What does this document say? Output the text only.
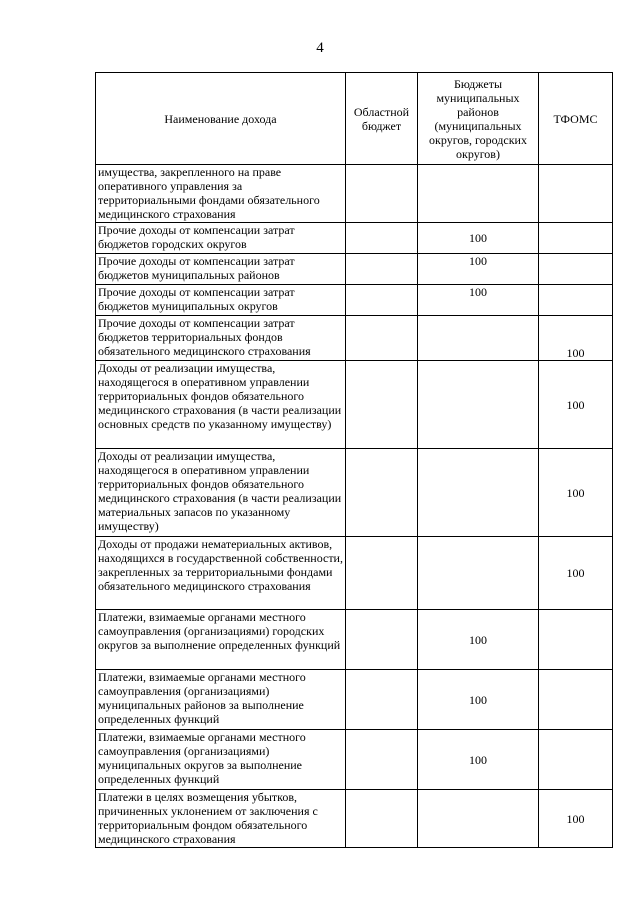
4
Наименование дохода	Областной бюджет	Бюджеты муниципальных районов (муниципальных округов, городских округов)	ТФОМС
имущества, закрепленного на праве оперативного управления за территориальными фондами обязательного медицинского страхования			
Прочие доходы от компенсации затрат бюджетов городских округов		100	
Прочие доходы от компенсации затрат бюджетов муниципальных районов		100	
Прочие доходы от компенсации затрат бюджетов муниципальных округов		100	
Прочие доходы от компенсации затрат бюджетов территориальных фондов обязательного медицинского страхования			100
Доходы от реализации имущества, находящегося в оперативном управлении территориальных фондов обязательного медицинского страхования (в части реализации основных средств по указанному имуществу)			100
Доходы от реализации имущества, находящегося в оперативном управлении территориальных фондов обязательного медицинского страхования (в части реализации материальных запасов по указанному имуществу)			100
Доходы от продажи нематериальных активов, находящихся в государственной собственности, закрепленных за территориальными фондами обязательного медицинского страхования			100
Платежи, взимаемые органами местного самоуправления (организациями) городских округов за выполнение определенных функций		100	
Платежи, взимаемые органами местного самоуправления (организациями) муниципальных районов за выполнение определенных функций		100	
Платежи, взимаемые органами местного самоуправления (организациями) муниципальных округов за выполнение определенных функций		100	
Платежи в целях возмещения убытков, причиненных уклонением от заключения с территориальным фондом обязательного медицинского страхования			100
